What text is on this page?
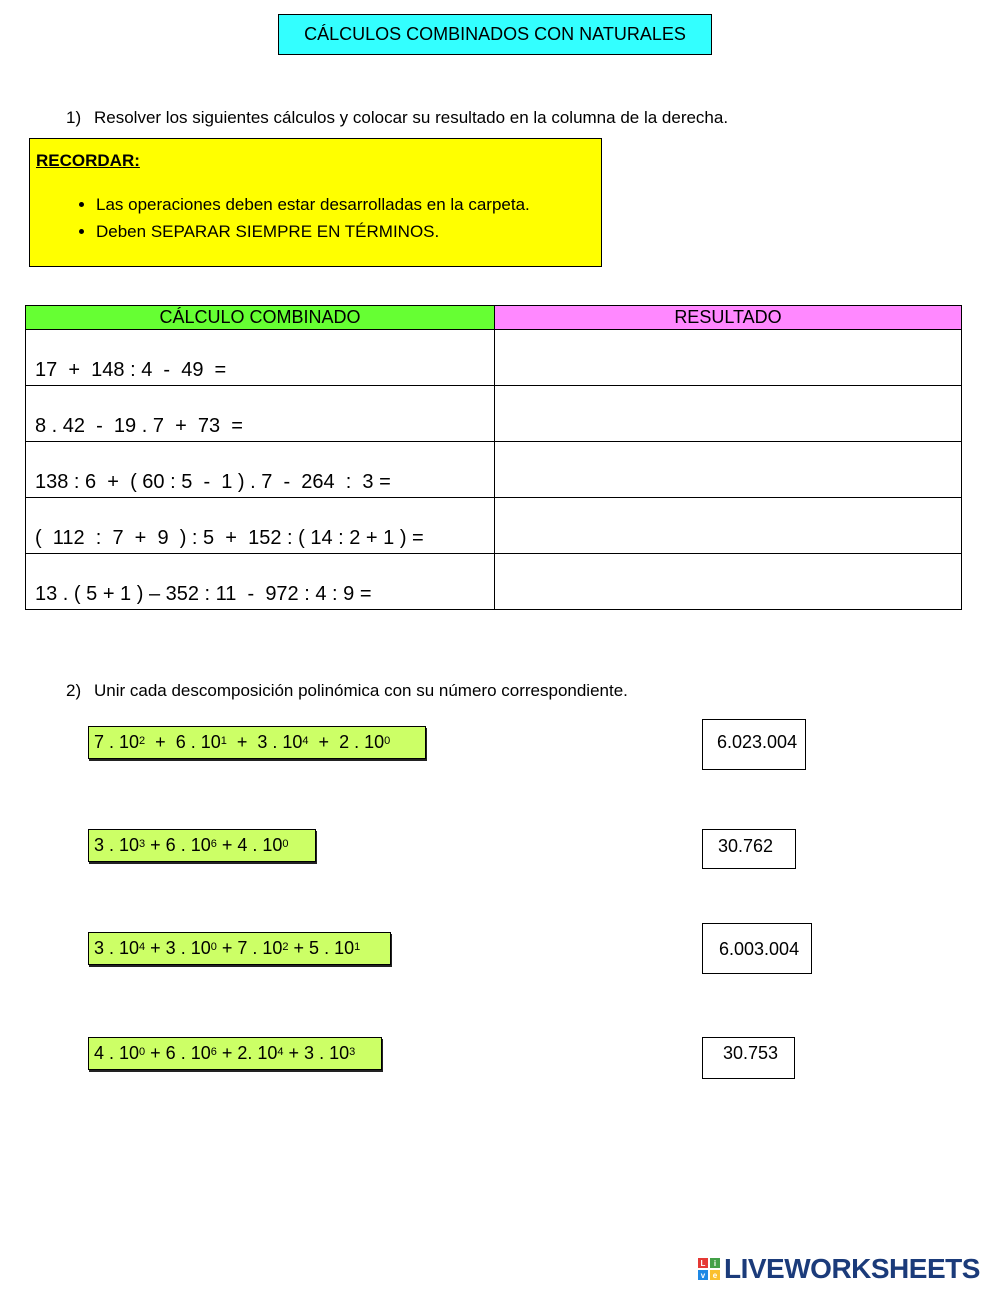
CÁLCULOS COMBINADOS CON NATURALES
1) Resolver los siguientes cálculos y colocar su resultado en la columna de la derecha.
RECORDAR:
• Las operaciones deben estar desarrolladas en la carpeta.
• Deben SEPARAR SIEMPRE EN TÉRMINOS.
CÁLCULO COMBINADO	RESULTADO
17  +  148 : 4  -  49  =	
8 . 42  -  19 . 7  +  73  =	
138 : 6  +  ( 60 : 5  -  1 ) . 7  -  264  :  3 =	
(  112  :  7  +  9  ) : 5  +  152 : ( 14 : 2 + 1 ) =	
13 . ( 5 + 1 ) – 352 : 11  -  972 : 4 : 9 =	
2) Unir cada descomposición polinómica con su número correspondiente.
7 . $10^2 + 6$ . $10^1 + 3$ . $10^4 + 2$ . $10^0$
3 . $10^3 + 6$ . $10^6 + 4$ . $10^0$
3 . $10^4 + 3$ . $10^0 + 7$ . $10^2 + 5$ . $10^1$
4 . $10^0 + 6$ . $10^6 + 2$. $10^4 + 3$ . $10^3$
6.023.004
30.762
6.003.004
30.753
L	i
v e LIVEWORKSHEETS
